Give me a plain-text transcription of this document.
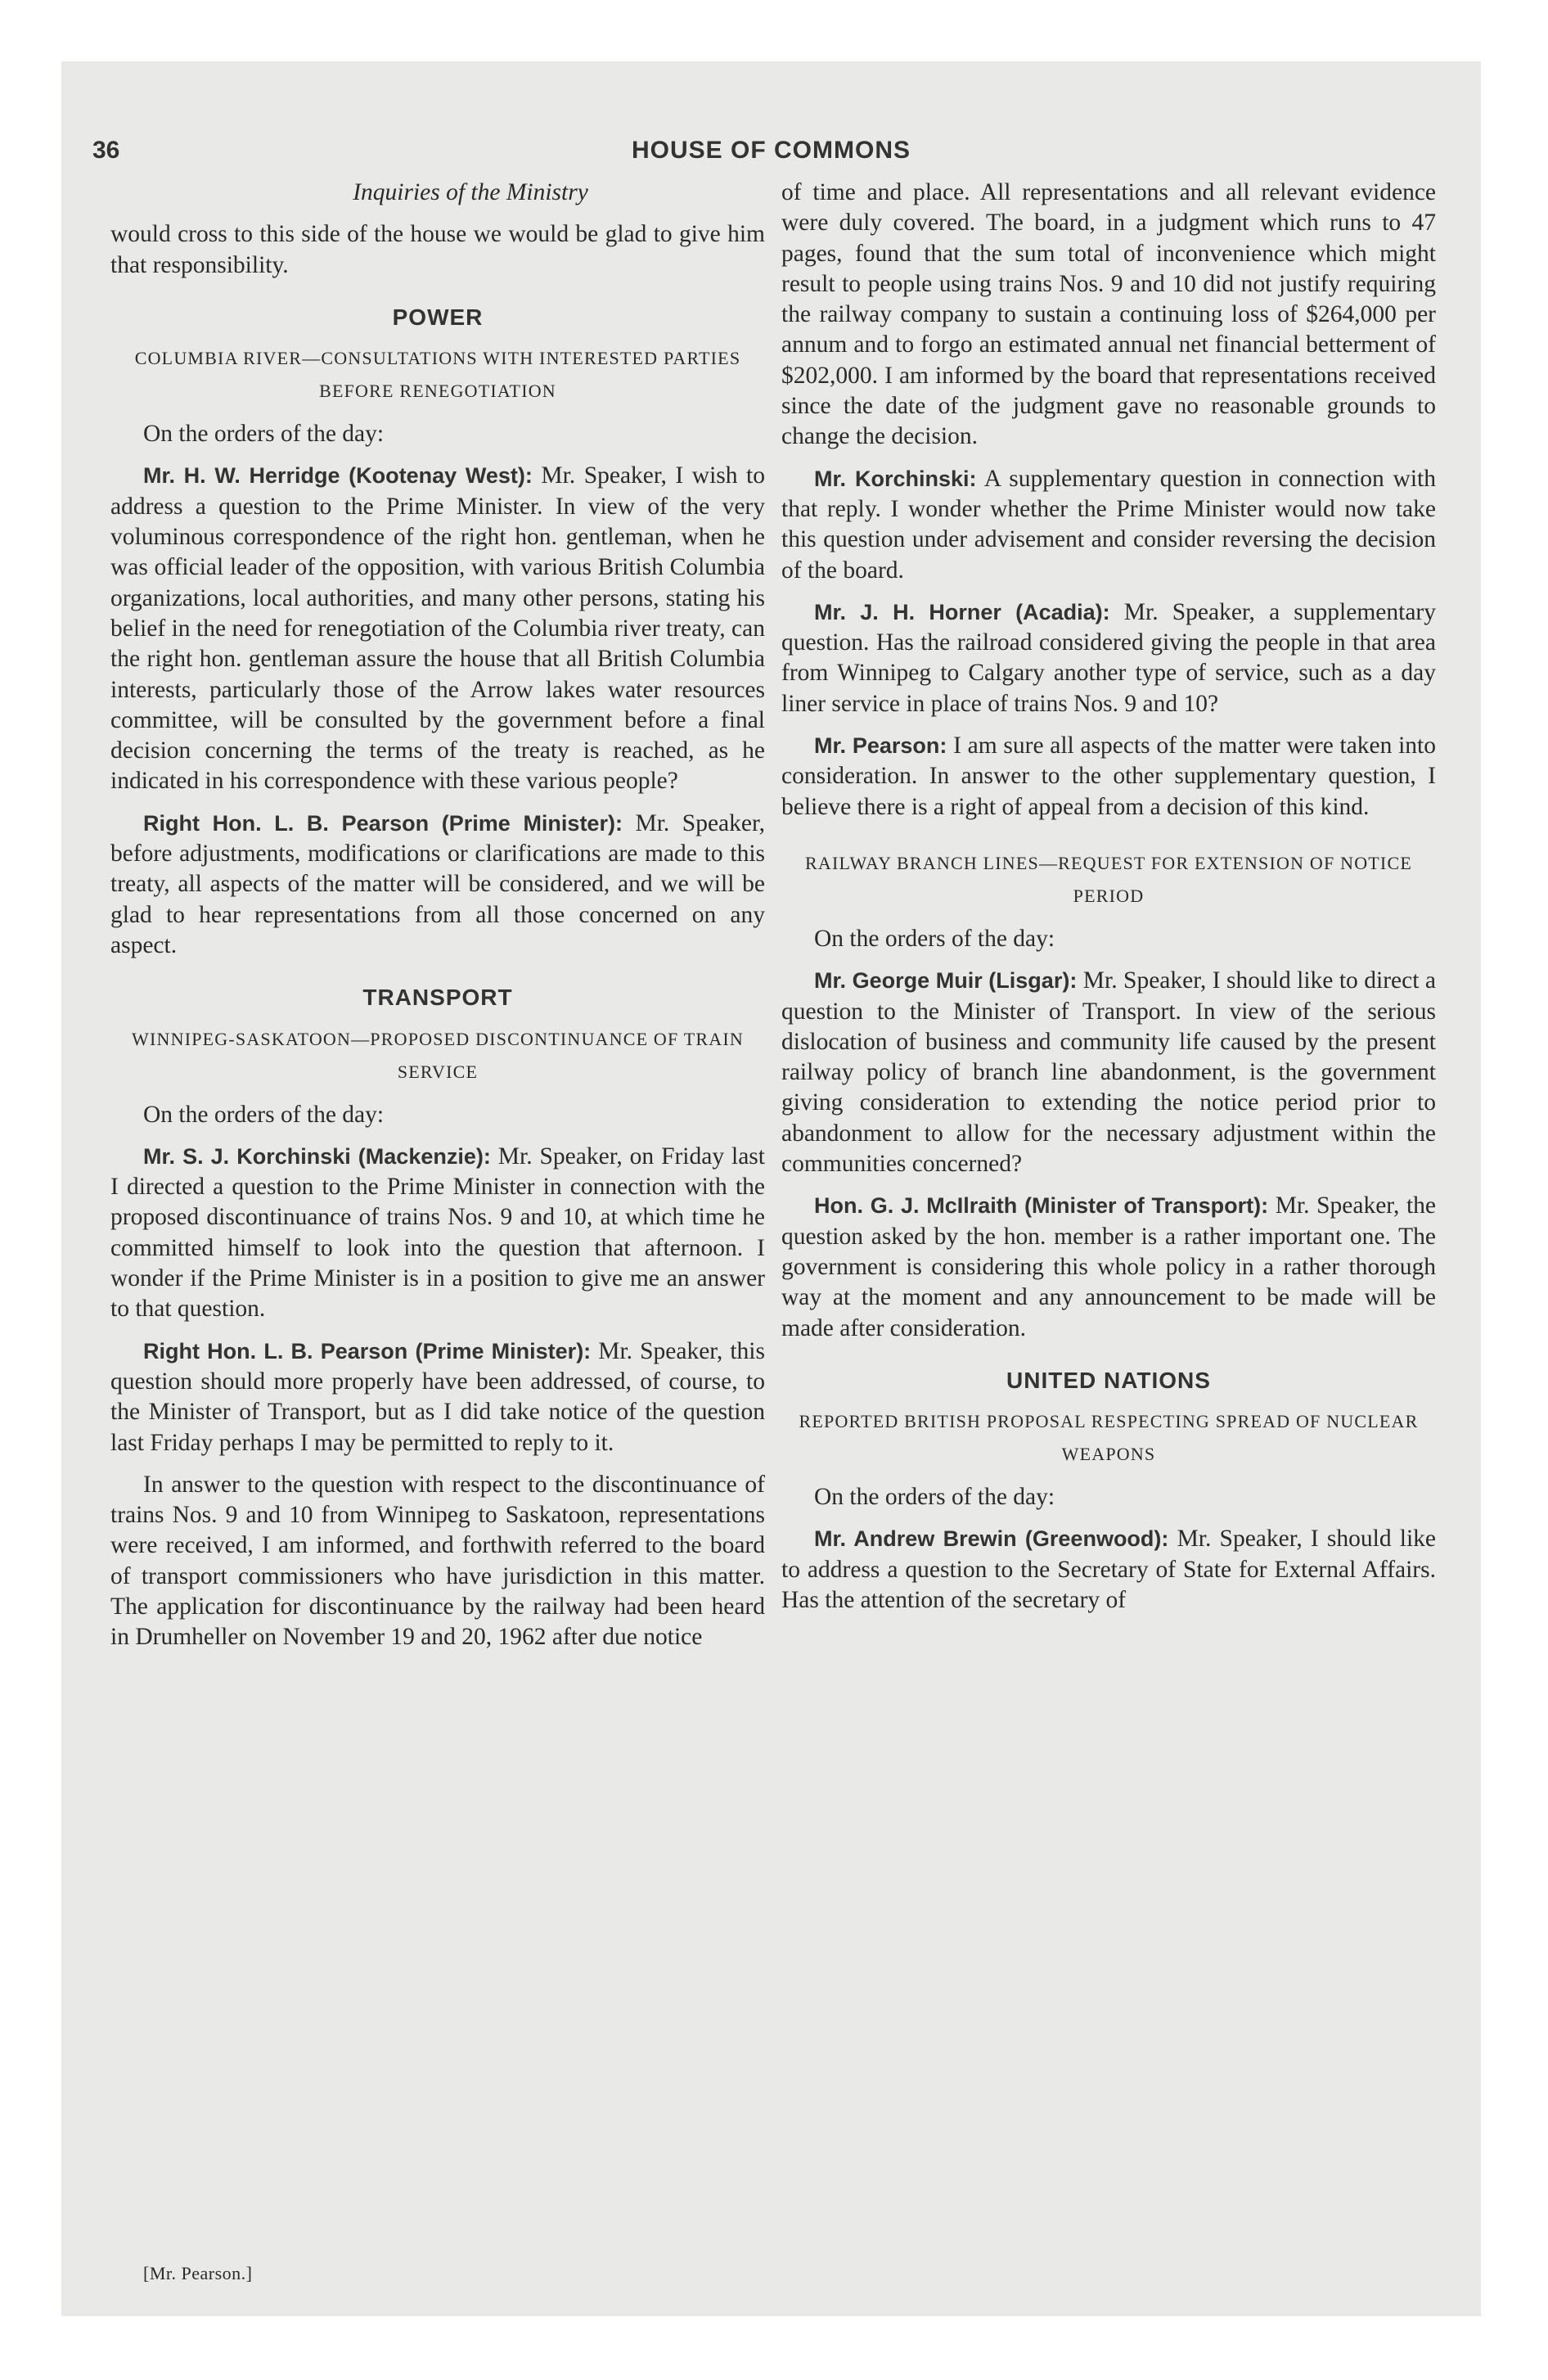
36	HOUSE OF COMMONS

Inquiries of the Ministry

would cross to this side of the house we would be glad to give him that responsibility.

POWER
COLUMBIA RIVER—CONSULTATIONS WITH INTERESTED PARTIES BEFORE RENEGOTIATION

On the orders of the day:

Mr. H. W. Herridge (Kootenay West): Mr. Speaker, I wish to address a question to the Prime Minister. In view of the very voluminous correspondence of the right hon. gentleman, when he was official leader of the opposition, with various British Columbia organizations, local authorities, and many other persons, stating his belief in the need for renegotiation of the Columbia river treaty, can the right hon. gentleman assure the house that all British Columbia interests, particularly those of the Arrow lakes water resources committee, will be consulted by the government before a final decision concerning the terms of the treaty is reached, as he indicated in his correspondence with these various people?

Right Hon. L. B. Pearson (Prime Minister): Mr. Speaker, before adjustments, modifications or clarifications are made to this treaty, all aspects of the matter will be considered, and we will be glad to hear representations from all those concerned on any aspect.

TRANSPORT
WINNIPEG-SASKATOON—PROPOSED DISCONTINUANCE OF TRAIN SERVICE

On the orders of the day:

Mr. S. J. Korchinski (Mackenzie): Mr. Speaker, on Friday last I directed a question to the Prime Minister in connection with the proposed discontinuance of trains Nos. 9 and 10, at which time he committed himself to look into the question that afternoon. I wonder if the Prime Minister is in a position to give me an answer to that question.

Right Hon. L. B. Pearson (Prime Minister): Mr. Speaker, this question should more properly have been addressed, of course, to the Minister of Transport, but as I did take notice of the question last Friday perhaps I may be permitted to reply to it.

In answer to the question with respect to the discontinuance of trains Nos. 9 and 10 from Winnipeg to Saskatoon, representations were received, I am informed, and forthwith referred to the board of transport commissioners who have jurisdiction in this matter. The application for discontinuance by the railway had been heard in Drumheller on November 19 and 20, 1962 after due notice

of time and place. All representations and all relevant evidence were duly covered. The board, in a judgment which runs to 47 pages, found that the sum total of inconvenience which might result to people using trains Nos. 9 and 10 did not justify requiring the railway company to sustain a continuing loss of $264,000 per annum and to forgo an estimated annual net financial betterment of $202,000. I am informed by the board that representations received since the date of the judgment gave no reasonable grounds to change the decision.

Mr. Korchinski: A supplementary question in connection with that reply. I wonder whether the Prime Minister would now take this question under advisement and consider reversing the decision of the board.

Mr. J. H. Horner (Acadia): Mr. Speaker, a supplementary question. Has the railroad considered giving the people in that area from Winnipeg to Calgary another type of service, such as a day liner service in place of trains Nos. 9 and 10?

Mr. Pearson: I am sure all aspects of the matter were taken into consideration. In answer to the other supplementary question, I believe there is a right of appeal from a decision of this kind.

RAILWAY BRANCH LINES—REQUEST FOR EXTENSION OF NOTICE PERIOD

On the orders of the day:

Mr. George Muir (Lisgar): Mr. Speaker, I should like to direct a question to the Minister of Transport. In view of the serious dislocation of business and community life caused by the present railway policy of branch line abandonment, is the government giving consideration to extending the notice period prior to abandonment to allow for the necessary adjustment within the communities concerned?

Hon. G. J. McIlraith (Minister of Transport): Mr. Speaker, the question asked by the hon. member is a rather important one. The government is considering this whole policy in a rather thorough way at the moment and any announcement to be made will be made after consideration.

UNITED NATIONS
REPORTED BRITISH PROPOSAL RESPECTING SPREAD OF NUCLEAR WEAPONS

On the orders of the day:

Mr. Andrew Brewin (Greenwood): Mr. Speaker, I should like to address a question to the Secretary of State for External Affairs. Has the attention of the secretary of

[Mr. Pearson.]
